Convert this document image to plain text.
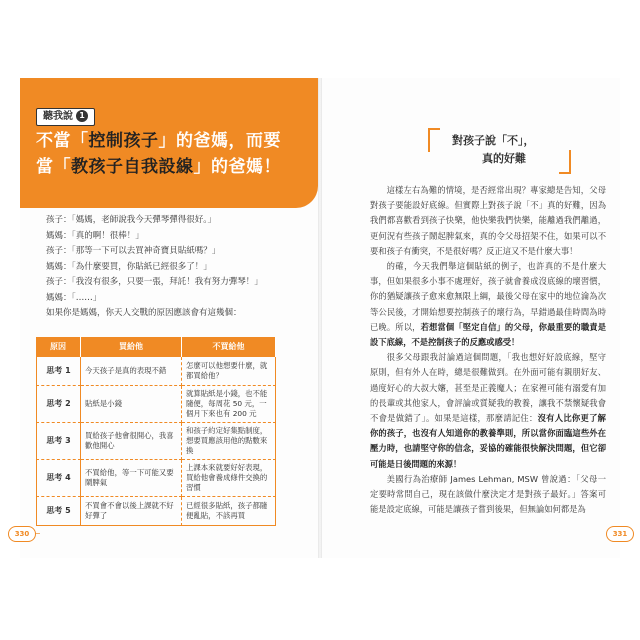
聽我說 1
不當「控制孩子」的爸媽，而要
當「教孩子自我設線」的爸媽！
孩子：「媽媽，老師說我今天彈琴彈得很好。」
媽媽：「真的啊！很棒！」
孩子：「那等一下可以去買神奇寶貝貼紙嗎？」
媽媽：「為什麼要買，你貼紙已經很多了！」
孩子：「我沒有很多，只要一張，拜託！我有努力彈琴！」
媽媽：「……」
如果你是媽媽，你天人交戰的原因應該會有這幾個：
原因	買給他	不買給他
思考 1	今天孩子是真的表現不錯	怎麼可以他想要什麼，就都買給他？
思考 2	貼紙是小錢	就算貼紙是小錢，也不能隨便，每周花 50 元，一個月下來也有 200 元
思考 3	買給孩子他會很開心，我喜歡他開心	和孩子約定好集點制度，想要買應該用他的點數來換
思考 4	不買給他，等一下可能又要鬧脾氣	上課本來就要好好表現，買給他會養成條件交換的習慣
思考 5	不買會不會以後上課就不好好彈了	已經很多貼紙，孩子都隨便亂貼，不該再買
對孩子說「不」，
真的好難

這樣左右為難的情境，是否經常出現？專家總是告知，父母對孩子要能設好底線。但實際上對孩子說「不」真的好難，因為我們都喜歡看到孩子快樂，他快樂我們快樂，能離過我們離過，更何況有些孩子鬧起脾氣來，真的令父母招架不住，如果可以不要和孩子有衝突，不是很好嗎？反正這又不是什麼大事！

的確，今天我們舉這個貼紙的例子，也許真的不是什麼大事，但如果很多小事不處理好，孩子就會養成沒底線的壞習慣，你的猶疑讓孩子愈來愈無限上綱，最後父母在家中的地位淪為次等公民後，才開始想要控制孩子的壞行為，早錯過最佳時間為時已晚。所以，若想當個「堅定自信」的父母，你最重要的職責是設下底線，不是控制孩子的反應或感受！

很多父母跟我討論過這個問題，「我也想好好設底線，堅守原則，但有外人在時，總是很難做到。在外面可能有親朋好友、過度好心的大叔大嬸，甚至是正義魔人；在家裡可能有溺愛有加的長輩或其他家人，會評論或質疑我的教養，讓我不禁懷疑我會不會是做錯了」。如果是這樣，那麼請記住：沒有人比你更了解你的孩子，也沒有人知道你的教養準則，所以當你面臨這些外在壓力時，也請堅守你的信念，妥協的確能很快解決問題，但它卻可能是日後問題的來源！

美國行為治療師 James Lehman, MSW 曾說過：「父母一定要時常問自己，現在該做什麼決定才是對孩子最好。」答案可能是設定底線，可能是讓孩子嘗到後果，但無論如何都是為

330	331
